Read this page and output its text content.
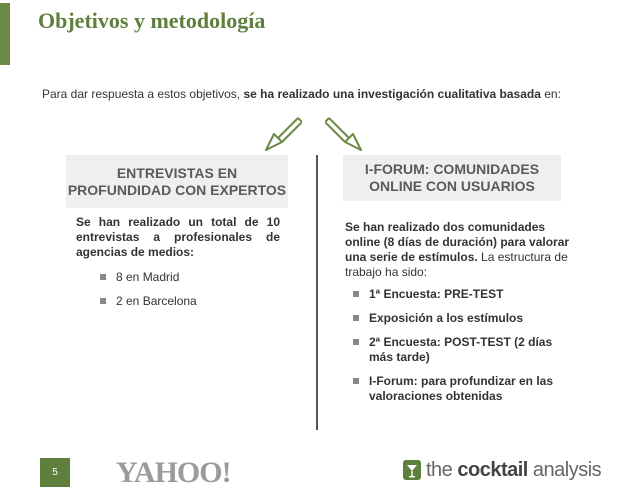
Objetivos y metodología
Para dar respuesta a estos objetivos, se ha realizado una investigación cualitativa basada en:
ENTREVISTAS EN PROFUNDIDAD CON EXPERTOS
I-FORUM: COMUNIDADES ONLINE CON USUARIOS
Se han realizado un total de 10 entrevistas a profesionales de agencias de medios:
8 en Madrid
2 en Barcelona
Se han realizado dos comunidades online (8 días de duración) para valorar una serie de estímulos. La estructura de trabajo ha sido:
1ª Encuesta: PRE-TEST
Exposición a los estímulos
2ª Encuesta: POST-TEST (2 días más tarde)
I-Forum: para profundizar en las valoraciones obtenidas
5	YAHOO!	the cocktail analysis
